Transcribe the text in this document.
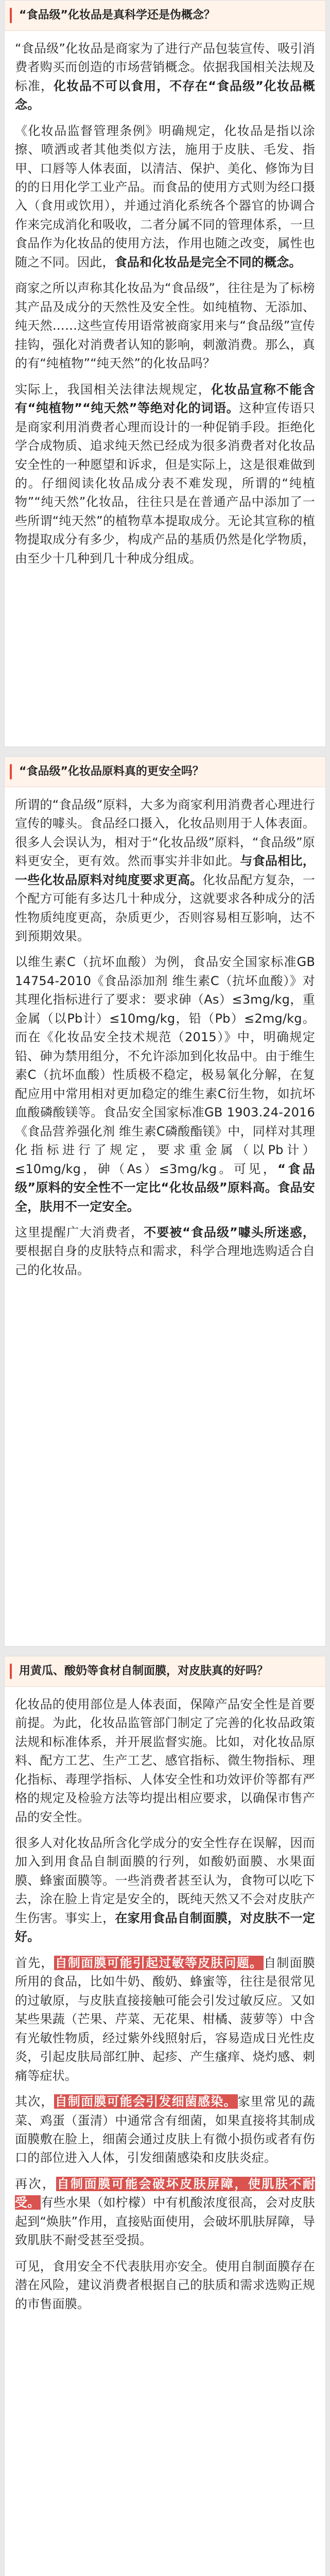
“食品级”化妆品是真科学还是伪概念？

“食品级”化妆品是商家为了进行产品包装宣传、吸引消费者购买而创造的市场营销概念。依据我国相关法规及标准，化妆品不可以食用，不存在“食品级”化妆品概念。

《化妆品监督管理条例》明确规定，化妆品是指以涂擦、喷洒或者其他类似方法，施用于皮肤、毛发、指甲、口唇等人体表面，以清洁、保护、美化、修饰为目的的日用化学工业产品。而食品的使用方式则为经口摄入（食用或饮用），并通过消化系统各个器官的协调合作来完成消化和吸收，二者分属不同的管理体系，一旦食品作为化妆品的使用方法，作用也随之改变，属性也随之不同。因此，食品和化妆品是完全不同的概念。

商家之所以声称其化妆品为“食品级”，往往是为了标榜其产品及成分的天然性及安全性。如纯植物、无添加、纯天然……这些宣传用语常被商家用来与“食品级”宣传挂钩，强化对消费者认知的影响，刺激消费。那么，真的有“纯植物”“纯天然”的化妆品吗？

实际上，我国相关法律法规规定，化妆品宣称不能含有“纯植物”“纯天然”等绝对化的词语。这种宣传语只是商家利用消费者心理而设计的一种促销手段。拒绝化学合成物质、追求纯天然已经成为很多消费者对化妆品安全性的一种愿望和诉求，但是实际上，这是很难做到的。仔细阅读化妆品成分表不难发现，所谓的“纯植物”“纯天然”化妆品，往往只是在普通产品中添加了一些所谓“纯天然”的植物草本提取成分。无论其宣称的植物提取成分有多少，构成产品的基质仍然是化学物质，由至少十几种到几十种成分组成。

“食品级”化妆品原料真的更安全吗？

所谓的“食品级”原料，大多为商家利用消费者心理进行宣传的噱头。食品经口摄入，化妆品则用于人体表面。很多人会误认为，相对于“化妆品级”原料，“食品级”原料更安全，更有效。然而事实并非如此。与食品相比，一些化妆品原料对纯度要求更高。化妆品配方复杂，一个配方可能有多达几十种成分，这就要求各种成分的活性物质纯度更高，杂质更少，否则容易相互影响，达不到预期效果。

以维生素C（抗坏血酸）为例，食品安全国家标准GB 14754-2010《食品添加剂 维生素C（抗坏血酸）》对其理化指标进行了要求：要求砷（As）≤3mg/kg，重金属（以Pb计）≤10mg/kg，铅（Pb）≤2mg/kg。而在《化妆品安全技术规范（2015）》中，明确规定铅、砷为禁用组分，不允许添加到化妆品中。由于维生素C（抗坏血酸）性质极不稳定，极易氧化分解，在复配应用中常用相对更加稳定的维生素C衍生物，如抗坏血酸磷酸镁等。食品安全国家标准GB 1903.24-2016《食品营养强化剂 维生素C磷酸酯镁》中，同样对其理化指标进行了规定，要求重金属（以Pb计）≤10mg/kg，砷（As）≤3mg/kg。可见，“食品级”原料的安全性不一定比“化妆品级”原料高。食品安全，肤用不一定安全。

这里提醒广大消费者，不要被“食品级”噱头所迷惑，要根据自身的皮肤特点和需求，科学合理地选购适合自己的化妆品。

用黄瓜、酸奶等食材自制面膜，对皮肤真的好吗？

化妆品的使用部位是人体表面，保障产品安全性是首要前提。为此，化妆品监管部门制定了完善的化妆品政策法规和标准体系，并开展监督实施。比如，对化妆品原料、配方工艺、生产工艺、感官指标、微生物指标、理化指标、毒理学指标、人体安全性和功效评价等都有严格的规定及检验方法等均提出相应要求，以确保市售产品的安全性。

很多人对化妆品所含化学成分的安全性存在误解，因而加入到用食品自制面膜的行列，如酸奶面膜、水果面膜、蜂蜜面膜等。一些消费者甚至认为，食物可以吃下去，涂在脸上肯定是安全的，既纯天然又不会对皮肤产生伤害。事实上，在家用食品自制面膜，对皮肤不一定好。

首先，自制面膜可能引起过敏等皮肤问题。自制面膜所用的食品，比如牛奶、酸奶、蜂蜜等，往往是很常见的过敏原，与皮肤直接接触可能会引发过敏反应。又如某些果蔬（芒果、芹菜、无花果、柑橘、菠萝等）中含有光敏性物质，经过紫外线照射后，容易造成日光性皮炎，引起皮肤局部红肿、起疹、产生瘙痒、烧灼感、刺痛等症状。

其次，自制面膜可能会引发细菌感染。家里常见的蔬菜、鸡蛋（蛋清）中通常含有细菌，如果直接将其制成面膜敷在脸上，细菌会通过皮肤上有微小损伤或者有伤口的部位进入人体，引发细菌感染和皮肤炎症。

再次，自制面膜可能会破坏皮肤屏障，使肌肤不耐受。有些水果（如柠檬）中有机酸浓度很高，会对皮肤起到“焕肤”作用，直接贴面使用，会破坏肌肤屏障，导致肌肤不耐受甚至受损。

可见，食用安全不代表肤用亦安全。使用自制面膜存在潜在风险，建议消费者根据自己的肤质和需求选购正规的市售面膜。
